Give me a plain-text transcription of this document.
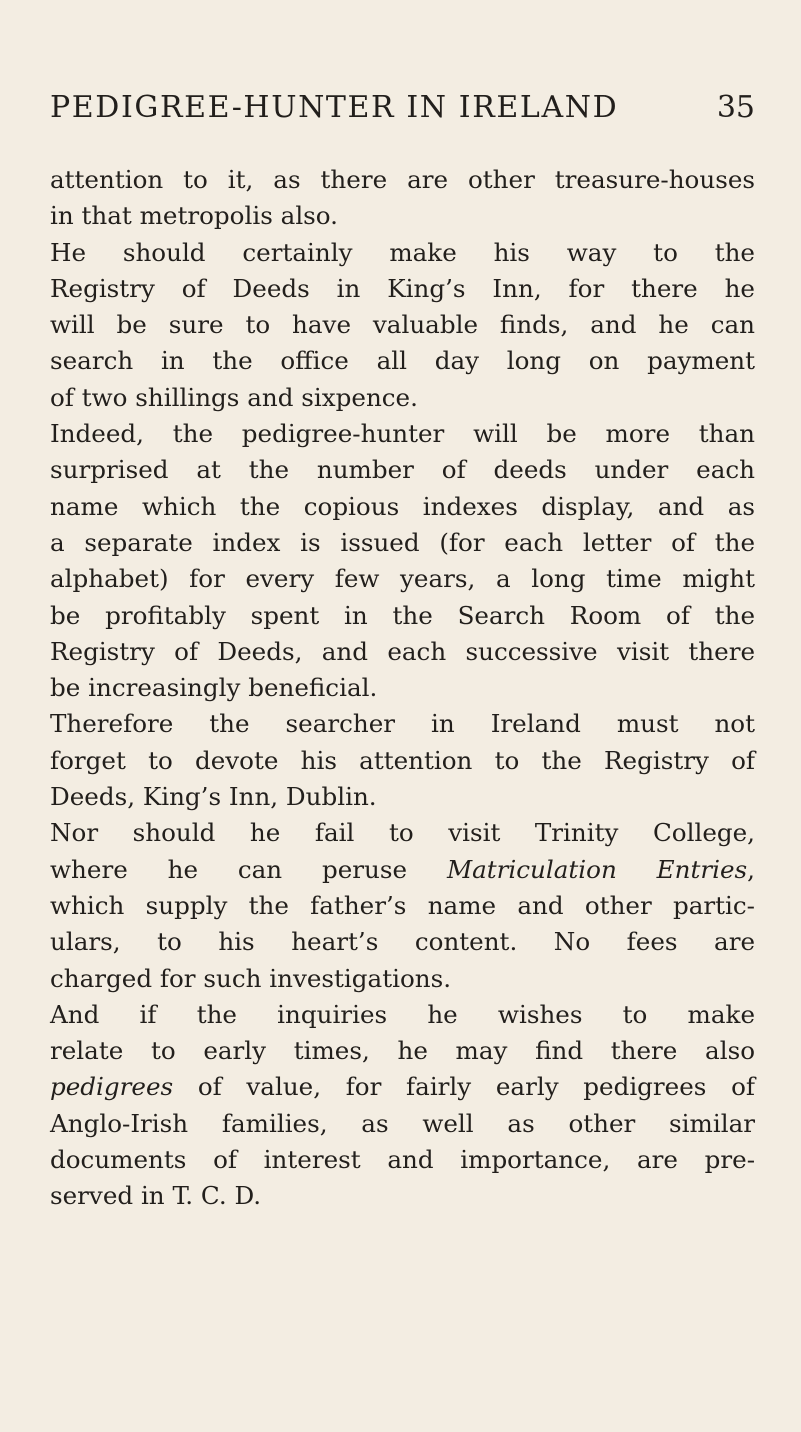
PEDIGREE-HUNTER IN IRELAND	35
attention to it, as there are other treasure-houses
in that metropolis also.
He should certainly make his way to the
Registry of Deeds in King’s Inn, for there he
will be sure to have valuable finds, and he can
search in the office all day long on payment
of two shillings and sixpence.
Indeed, the pedigree-hunter will be more than
surprised at the number of deeds under each
name which the copious indexes display, and as
a separate index is issued (for each letter of the
alphabet) for every few years, a long time might
be profitably spent in the Search Room of the
Registry of Deeds, and each successive visit there
be increasingly beneficial.
Therefore the searcher in Ireland must not
forget to devote his attention to the Registry of
Deeds, King’s Inn, Dublin.
Nor should he fail to visit Trinity College,
where he can peruse Matriculation Entries,
which supply the father’s name and other partic-
ulars, to his heart’s content. No fees are
charged for such investigations.
And if the inquiries he wishes to make
relate to early times, he may find there also
pedigrees of value, for fairly early pedigrees of
Anglo-Irish families, as well as other similar
documents of interest and importance, are pre-
served in T. C. D.
